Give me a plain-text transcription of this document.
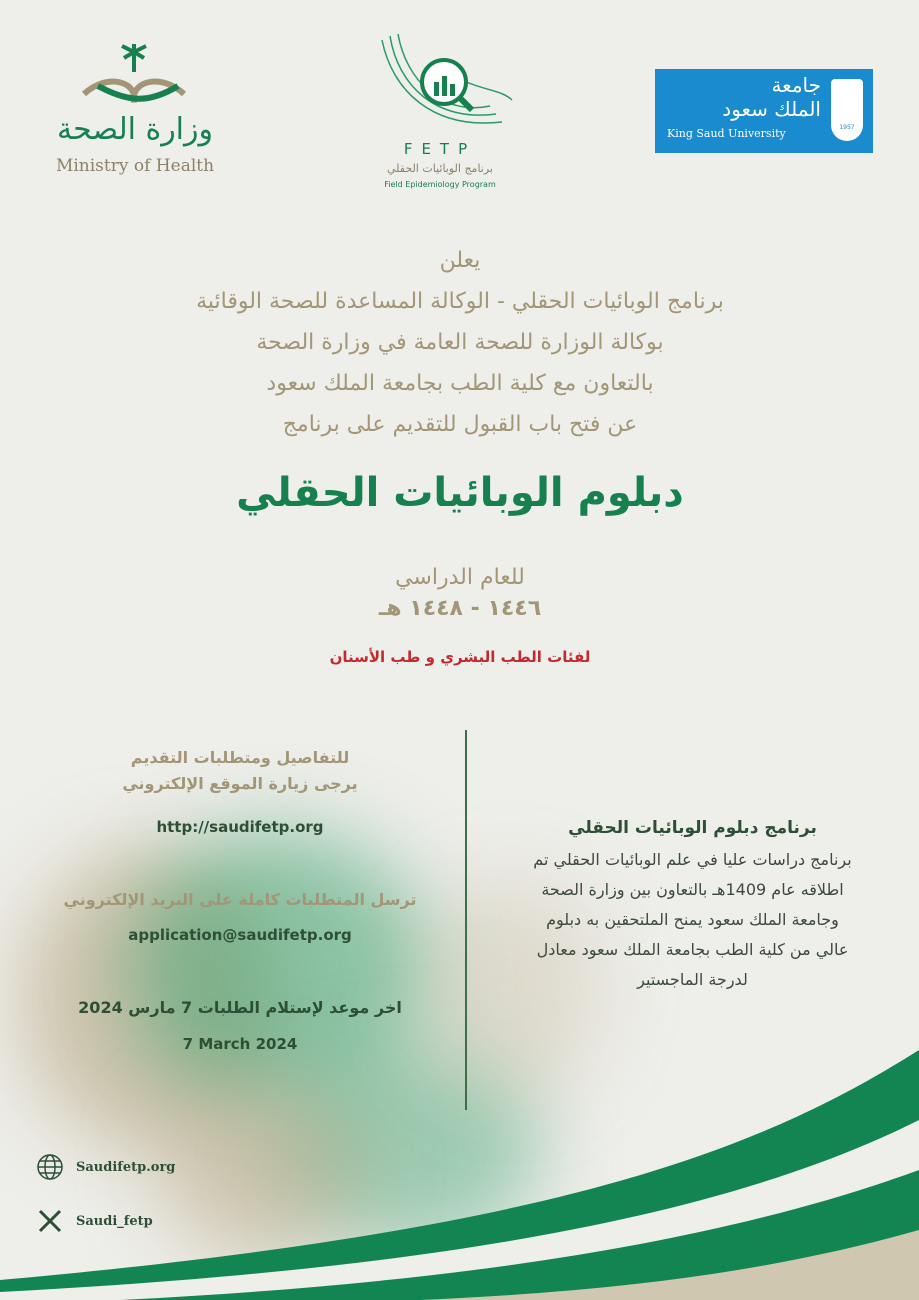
وزارة الصحة
Ministry of Health
FETP
برنامج الوبائيات الحقلي
Field Epidemiology Program
جامعة
الملك سعود
King Saud University	1957
يعلن
برنامج الوبائيات الحقلي - الوكالة المساعدة للصحة الوقائية
بوكالة الوزارة للصحة العامة في وزارة الصحة
بالتعاون مع كلية الطب بجامعة الملك سعود
عن فتح باب القبول للتقديم على برنامج
دبلوم الوبائيات الحقلي
للعام الدراسي
١٤٤٦ - ١٤٤٨ هـ
لفئات الطب البشري و طب الأسنان
للتفاصيل ومتطلبات التقديم
يرجى زيارة الموقع الإلكتروني
http://saudifetp.org
ترسل المتطلبات كاملة على البريد الإلكتروني
application@saudifetp.org
اخر موعد لإستلام الطلبات 7 مارس 2024
7 March 2024
برنامج دبلوم الوبائيات الحقلي
برنامج دراسات عليا في علم الوبائيات الحقلي تم
اطلاقه عام 1409هـ بالتعاون بين وزارة الصحة
وجامعة الملك سعود يمنح الملتحقين به دبلوم
عالي من كلية الطب بجامعة الملك سعود معادل
لدرجة الماجستير
Saudifetp.org
Saudi_fetp
